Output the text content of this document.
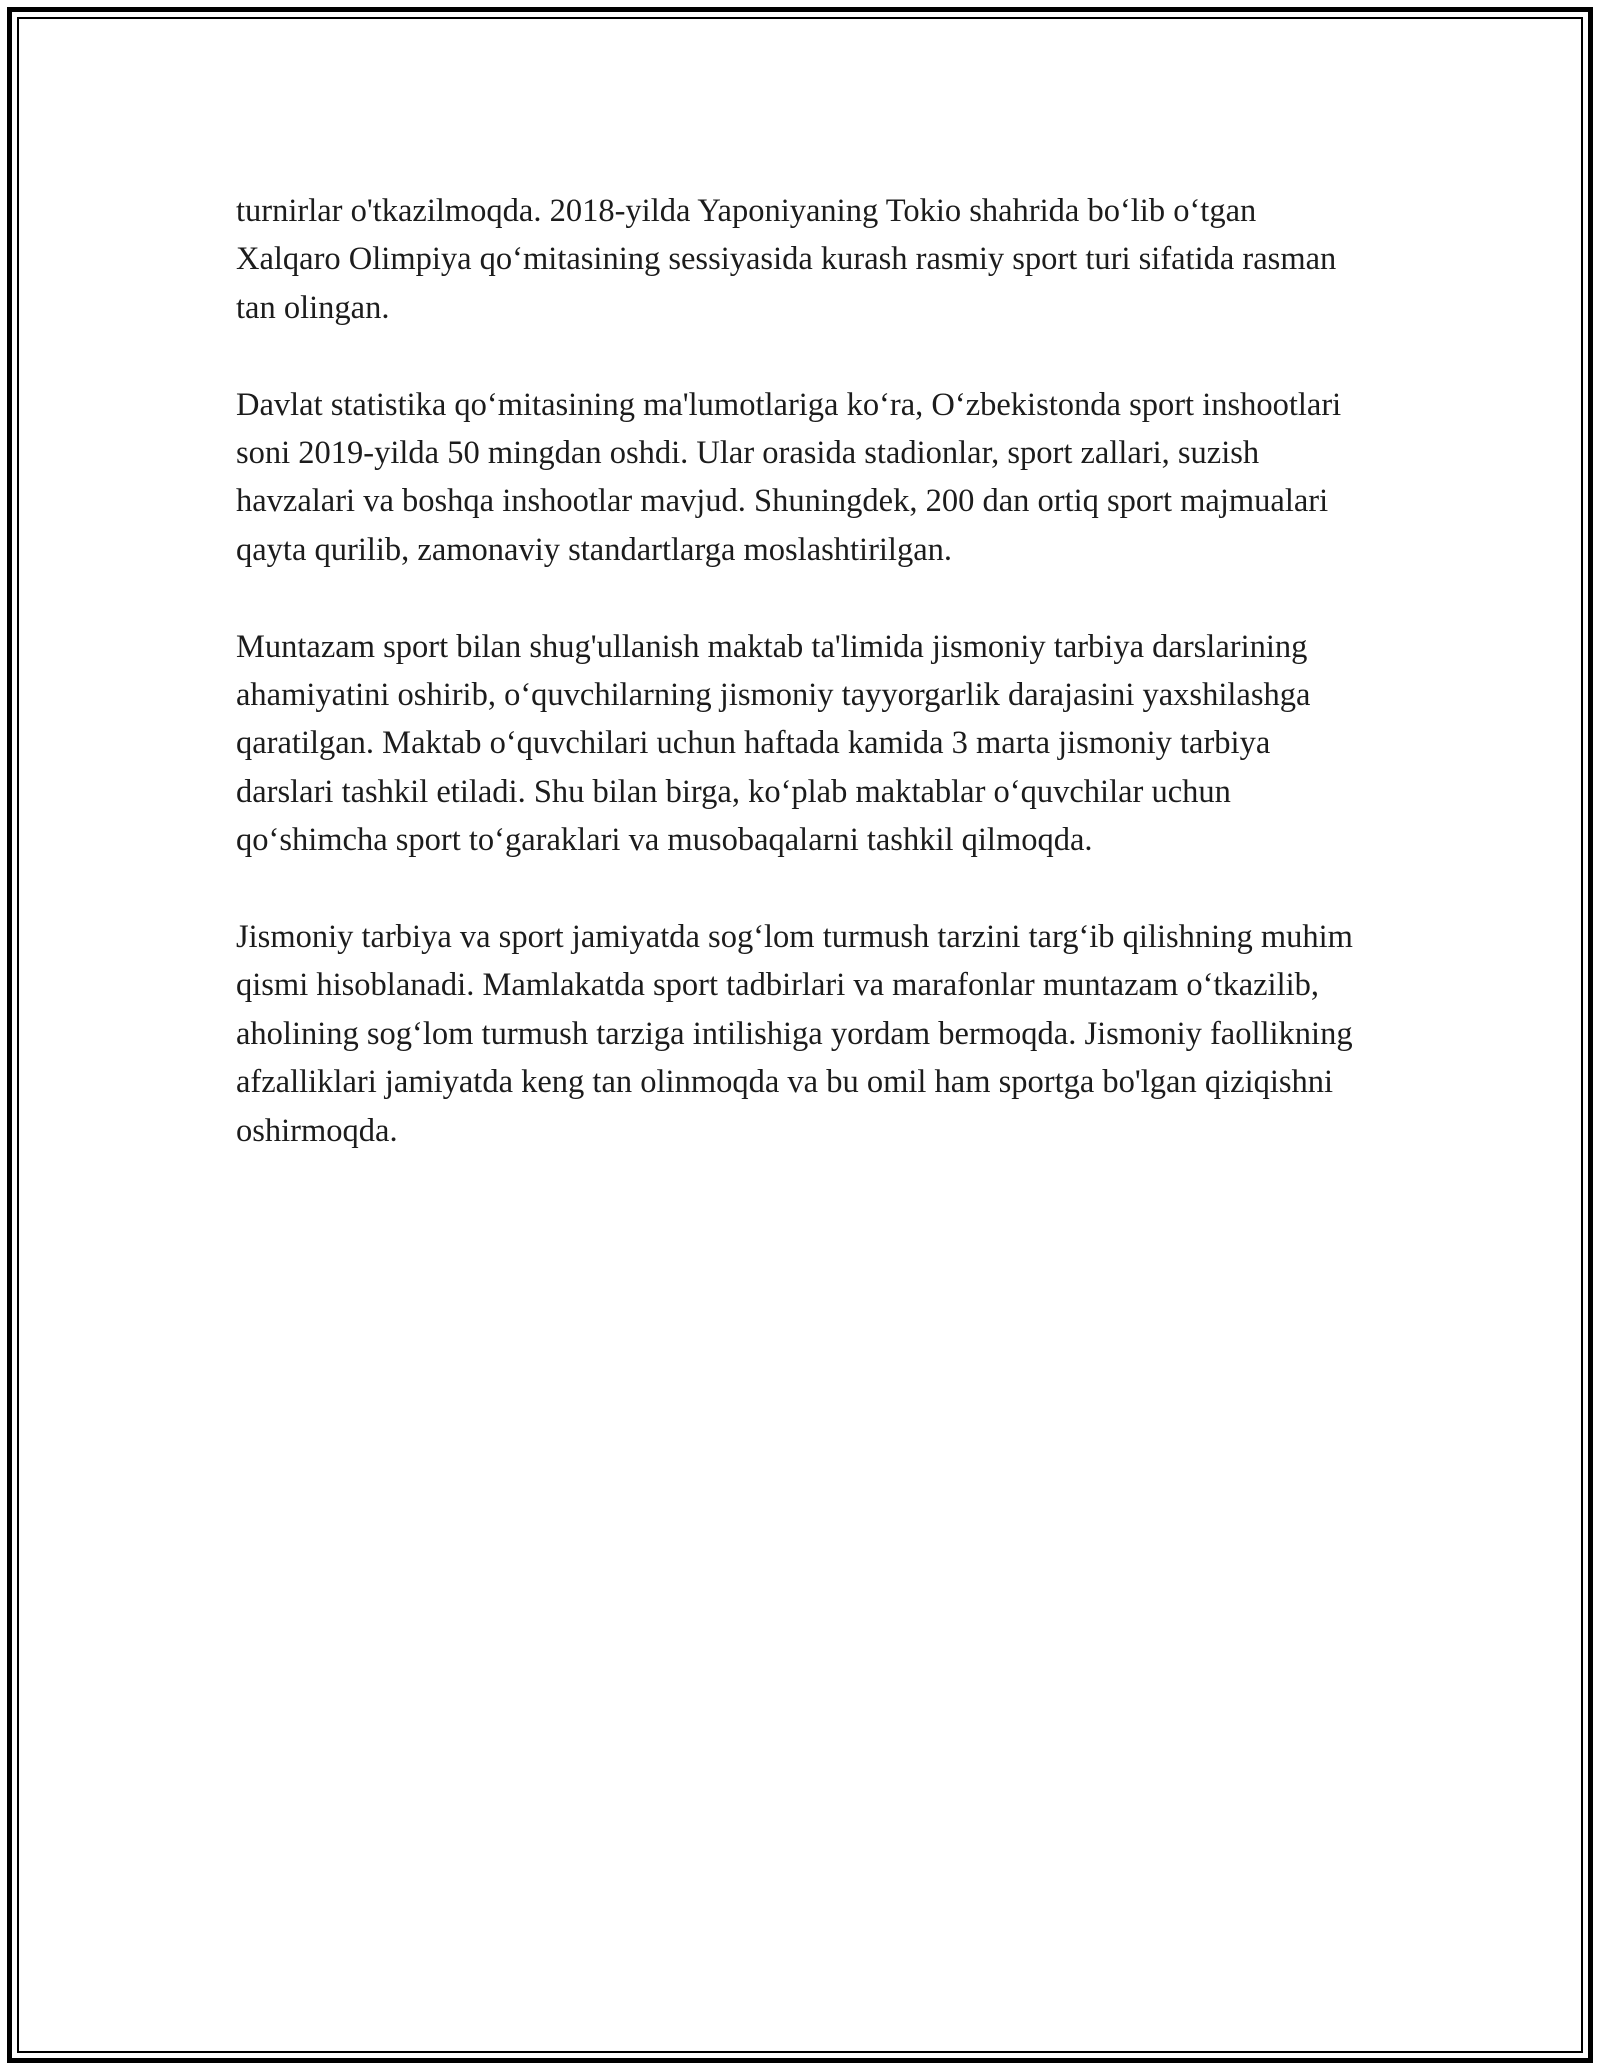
turnirlar o'tkazilmoqda. 2018-yilda Yaponiyaning Tokio shahrida bo‘lib o‘tgan Xalqaro Olimpiya qo‘mitasining sessiyasida kurash rasmiy sport turi sifatida rasman tan olingan.

Davlat statistika qo‘mitasining ma'lumotlariga ko‘ra, O‘zbekistonda sport inshootlari soni 2019-yilda 50 mingdan oshdi. Ular orasida stadionlar, sport zallari, suzish havzalari va boshqa inshootlar mavjud. Shuningdek, 200 dan ortiq sport majmualari qayta qurilib, zamonaviy standartlarga moslashtirilgan.

Muntazam sport bilan shug'ullanish maktab ta'limida jismoniy tarbiya darslarining ahamiyatini oshirib, o‘quvchilarning jismoniy tayyorgarlik darajasini yaxshilashga qaratilgan. Maktab o‘quvchilari uchun haftada kamida 3 marta jismoniy tarbiya darslari tashkil etiladi. Shu bilan birga, ko‘plab maktablar o‘quvchilar uchun qo‘shimcha sport to‘garaklari va musobaqalarni tashkil qilmoqda.

Jismoniy tarbiya va sport jamiyatda sog‘lom turmush tarzini targ‘ib qilishning muhim qismi hisoblanadi. Mamlakatda sport tadbirlari va marafonlar muntazam o‘tkazilib, aholining sog‘lom turmush tarziga intilishiga yordam bermoqda. Jismoniy faollikning afzalliklari jamiyatda keng tan olinmoqda va bu omil ham sportga bo'lgan qiziqishni oshirmoqda.
